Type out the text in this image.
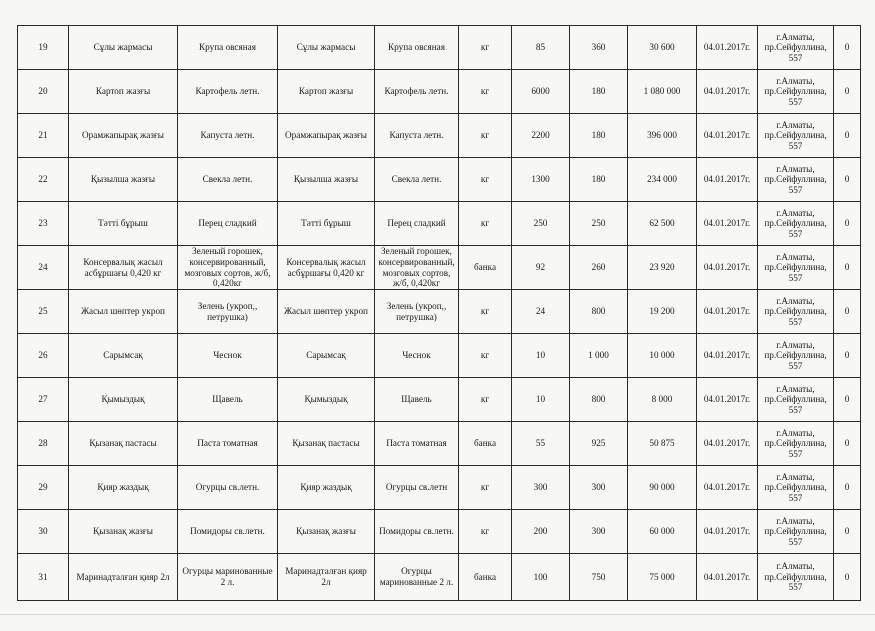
19	Сұлы жармасы	Крупа овсяная	Сұлы жармасы	Крупа овсяная	кг	85	360	30 600	04.01.2017г.	г.Алматы,
пр.Сейфуллина, 557	0
20	Картоп жазғы	Картофель летн.	Картоп жазғы	Картофель летн.	кг	6000	180	1 080 000	04.01.2017г.	г.Алматы,
пр.Сейфуллина, 557	0
21	Орамжапырақ жазғы	Капуста летн.	Орамжапырақ жазғы	Капуста летн.	кг	2200	180	396 000	04.01.2017г.	г.Алматы,
пр.Сейфуллина, 557	0
22	Қызылша жазғы	Свекла летн.	Қызылша жазғы	Свекла летн.	кг	1300	180	234 000	04.01.2017г.	г.Алматы,
пр.Сейфуллина, 557	0
23	Тәтті бұрыш	Перец сладкий	Тәтті бұрыш	Перец сладкий	кг	250	250	62 500	04.01.2017г.	г.Алматы,
пр.Сейфуллина, 557	0
24	Консервалық жасыл асбұршағы 0,420 кг	Зеленый горошек, консервированный, мозговых сортов, ж/б, 0,420кг	Консервалық жасыл асбұршағы 0,420 кг	Зеленый горошек, консервированный, мозговых сортов, ж/б, 0,420кг	банка	92	260	23 920	04.01.2017г.	г.Алматы,
пр.Сейфуллина, 557	0
25	Жасыл шөптер укроп	Зелень (укроп,, петрушка)	Жасыл шөптер укроп	Зелень (укроп,, петрушка)	кг	24	800	19 200	04.01.2017г.	г.Алматы,
пр.Сейфуллина, 557	0
26	Сарымсақ	Чеснок	Сарымсақ	Чеснок	кг	10	1 000	10 000	04.01.2017г.	г.Алматы,
пр.Сейфуллина, 557	0
27	Қымыздық	Щавель	Қымыздық	Щавель	кг	10	800	8 000	04.01.2017г.	г.Алматы,
пр.Сейфуллина, 557	0
28	Қызанақ пастасы	Паста томатная	Қызанақ пастасы	Паста томатная	банка	55	925	50 875	04.01.2017г.	г.Алматы,
пр.Сейфуллина, 557	0
29	Қияр жаздық	Огурцы св.летн.	Қияр жаздық	Огурцы св.летн	кг	300	300	90 000	04.01.2017г.	г.Алматы,
пр.Сейфуллина, 557	0
30	Қызанақ жазғы	Помидоры св.летн.	Қызанақ жазғы	Помидоры св.летн.	кг	200	300	60 000	04.01.2017г.	г.Алматы,
пр.Сейфуллина, 557	0
31	Маринадталған қияр 2л	Огурцы маринованные 2 л.	Маринадталған қияр 2л	Огурцы маринованные 2 л.	банка	100	750	75 000	04.01.2017г.	г.Алматы,
пр.Сейфуллина, 557	0
